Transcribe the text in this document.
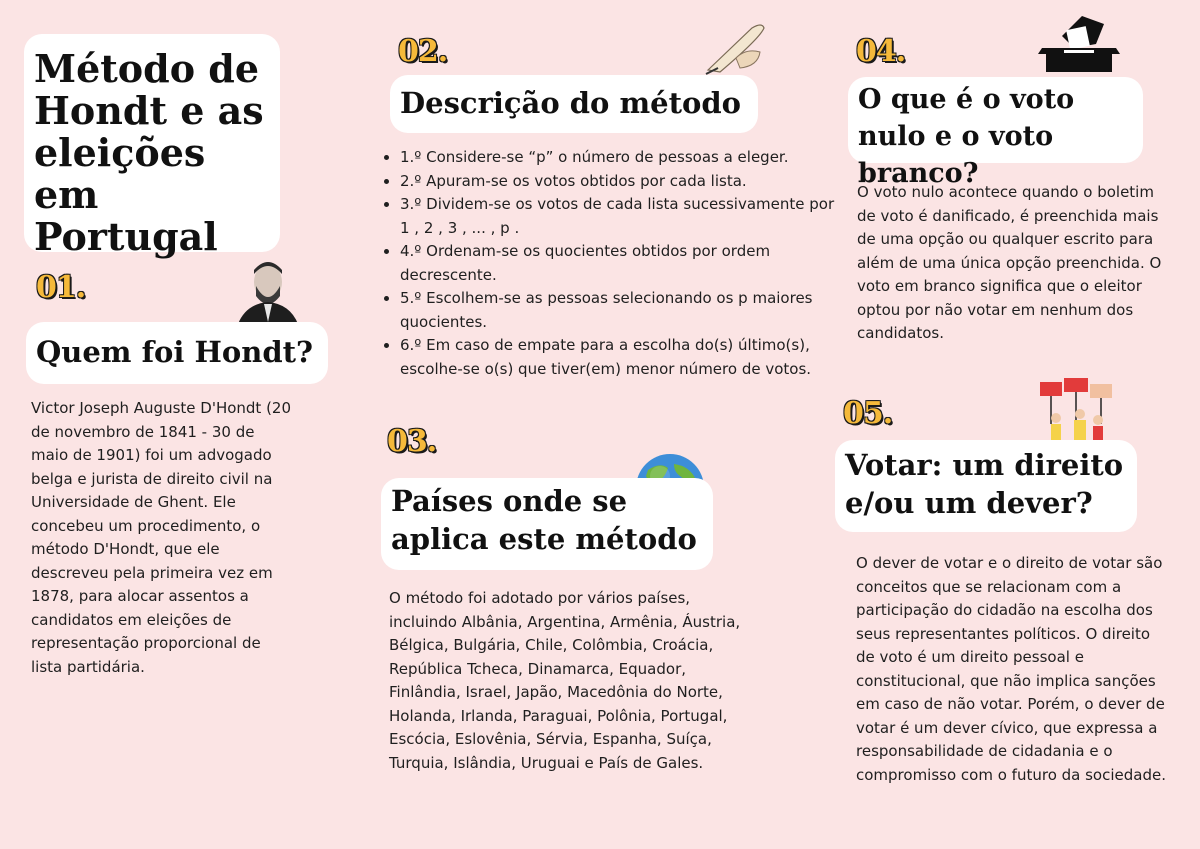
Método de Hondt e as eleições em Portugal
01.
Quem foi Hondt?
Victor Joseph Auguste D'Hondt (20 de novembro de 1841 - 30 de maio de 1901) foi um advogado belga e jurista de direito civil na Universidade de Ghent. Ele concebeu um procedimento, o método D'Hondt, que ele descreveu pela primeira vez em 1878, para alocar assentos a candidatos em eleições de representação proporcional de lista partidária.
02.
Descrição do método
• 1.º Considere-se “p” o número de pessoas a eleger.
• 2.º Apuram-se os votos obtidos por cada lista.
• 3.º Dividem-se os votos de cada lista sucessivamente por 1 , 2 , 3 , ... , p .
• 4.º Ordenam-se os quocientes obtidos por ordem decrescente.
• 5.º Escolhem-se as pessoas selecionando os p maiores quocientes.
• 6.º Em caso de empate para a escolha do(s) último(s), escolhe-se o(s) que tiver(em) menor número de votos.
03.
Países onde se aplica este método
O método foi adotado por vários países, incluindo Albânia, Argentina, Armênia, Áustria, Bélgica, Bulgária, Chile, Colômbia, Croácia, República Tcheca, Dinamarca, Equador, Finlândia, Israel, Japão, Macedônia do Norte, Holanda, Irlanda, Paraguai, Polônia, Portugal, Escócia, Eslovênia, Sérvia, Espanha, Suíça, Turquia, Islândia, Uruguai e País de Gales.
04.
O que é o voto nulo e o voto branco?
O voto nulo acontece quando o boletim de voto é danificado, é preenchida mais de uma opção ou qualquer escrito para além de uma única opção preenchida. O voto em branco significa que o eleitor optou por não votar em nenhum dos candidatos.
05.
Votar: um direito e/ou um dever?
O dever de votar e o direito de votar são conceitos que se relacionam com a participação do cidadão na escolha dos seus representantes políticos. O direito de voto é um direito pessoal e constitucional, que não implica sanções em caso de não votar. Porém, o dever de votar é um dever cívico, que expressa a responsabilidade de cidadania e o compromisso com o futuro da sociedade.
